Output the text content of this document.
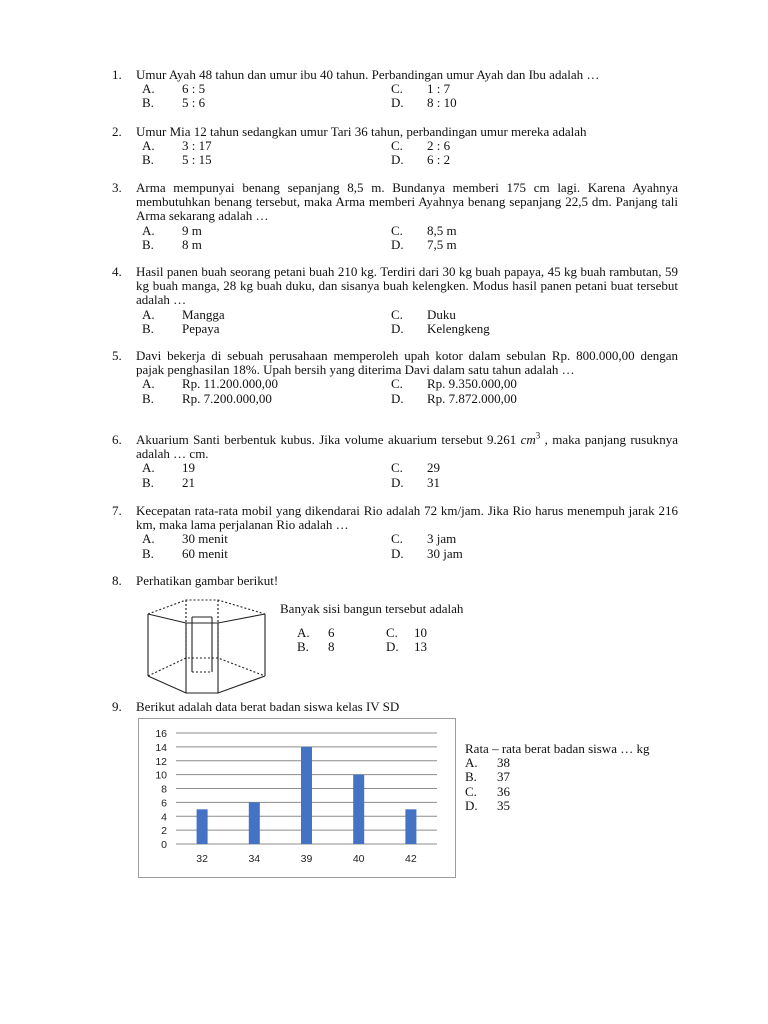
1. Umur Ayah 48 tahun dan umur ibu 40 tahun. Perbandingan umur Ayah dan Ibu adalah …
A. 6 : 5	C. 1 : 7
B. 5 : 6	D. 8 : 10
2. Umur Mia 12 tahun sedangkan umur Tari 36 tahun, perbandingan umur mereka adalah
A. 3 : 17	C. 2 : 6
B. 5 : 15	D. 6 : 2
3. Arma mempunyai benang sepanjang 8,5 m. Bundanya memberi 175 cm lagi. Karena Ayahnya membutuhkan benang tersebut, maka Arma memberi Ayahnya benang sepanjang 22,5 dm. Panjang tali Arma sekarang adalah …
A. 9 m	C. 8,5 m
B. 8 m	D. 7,5 m
4. Hasil panen buah seorang petani buah 210 kg. Terdiri dari 30 kg buah papaya, 45 kg buah rambutan, 59 kg buah manga, 28 kg buah duku, dan sisanya buah kelengken. Modus hasil panen petani buat tersebut adalah …
A. Mangga	C. Duku
B. Pepaya	D. Kelengkeng
5. Davi bekerja di sebuah perusahaan memperoleh upah kotor dalam sebulan Rp. 800.000,00 dengan pajak penghasilan 18%. Upah bersih yang diterima Davi dalam satu tahun adalah …
A. Rp. 11.200.000,00	C. Rp. 9.350.000,00
B. Rp. 7.200.000,00	D. Rp. 7.872.000,00
6. Akuarium Santi berbentuk kubus. Jika volume akuarium tersebut 9.261 $cm^3$ , maka panjang rusuknya adalah … cm.
A. 19	C. 29
B. 21	D. 31
7. Kecepatan rata-rata mobil yang dikendarai Rio adalah 72 km/jam. Jika Rio harus menempuh jarak 216 km, maka lama perjalanan Rio adalah …
A. 30 menit	C. 3 jam
B. 60 menit	D. 30 jam
8. Perhatikan gambar berikut!
Banyak sisi bangun tersebut adalah
A. 6	C. 10
B. 8	D. 13
9. Berikut adalah data berat badan siswa kelas IV SD
0
2
4
6
8
10
12
14
16
32	34	39	40	42
Rata – rata berat badan siswa … kg
A. 38
B. 37
C. 36
D. 35
